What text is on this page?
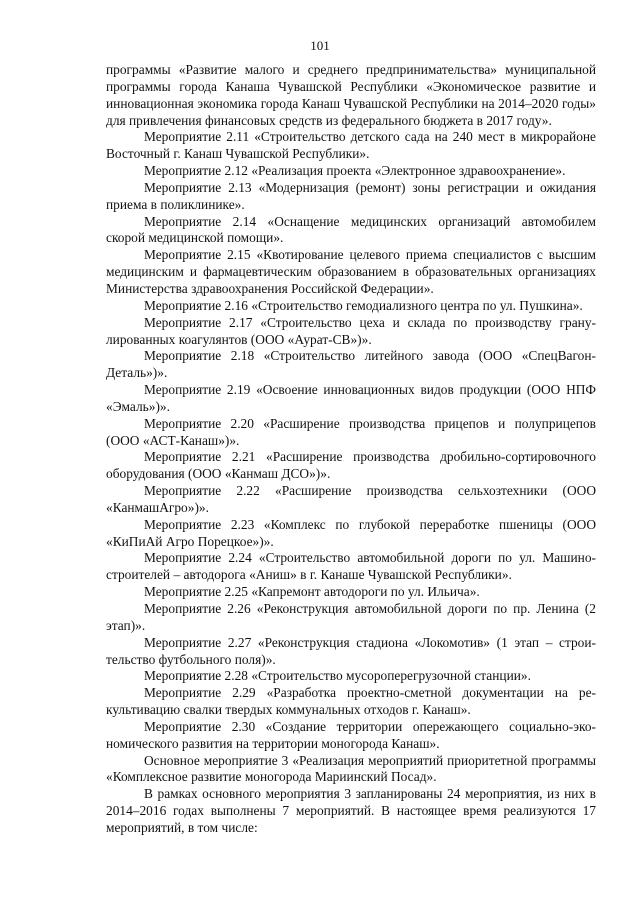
101

программы «Развитие малого и среднего предпринимательства» муниципальной программы города Канаша Чувашской Республики «Экономическое развитие и инновационная экономика города Канаш Чувашской Республики на 2014–2020 годы» для привлечения финансовых средств из федерального бюджета в 2017 году».

Мероприятие 2.11 «Строительство детского сада на 240 мест в микрорайоне Восточный г. Канаш Чувашской Республики».

Мероприятие 2.12 «Реализация проекта «Электронное здравоохранение».

Мероприятие 2.13 «Модернизация (ремонт) зоны регистрации и ожидания приема в поликлинике».

Мероприятие 2.14 «Оснащение медицинских организаций автомобилем скорой медицинской помощи».

Мероприятие 2.15 «Квотирование целевого приема специалистов с высшим медицинским и фармацевтическим образованием в образовательных организациях Министерства здравоохранения Российской Федерации».

Мероприятие 2.16 «Строительство гемодиализного центра по ул. Пушкина».

Мероприятие 2.17 «Строительство цеха и склада по производству гранулированных коагулянтов (ООО «Аурат-СВ»)».

Мероприятие 2.18 «Строительство литейного завода (ООО «СпецВагонДеталь»)».

Мероприятие 2.19 «Освоение инновационных видов продукции (ООО НПФ «Эмаль»)».

Мероприятие 2.20 «Расширение производства прицепов и полуприцепов (ООО «АСТ-Канаш»)».

Мероприятие 2.21 «Расширение производства дробильно-сортировочного оборудования (ООО «Канмаш ДСО»)».

Мероприятие 2.22 «Расширение производства сельхозтехники (ООО «КанмашАгро»)».

Мероприятие 2.23 «Комплекс по глубокой переработке пшеницы (ООО «КиПиАй Агро Порецкое»)».

Мероприятие 2.24 «Строительство автомобильной дороги по ул. Машиностроителей – автодорога «Аниш» в г. Канаше Чувашской Республики».

Мероприятие 2.25 «Капремонт автодороги по ул. Ильича».

Мероприятие 2.26 «Реконструкция автомобильной дороги по пр. Ленина (2 этап)».

Мероприятие 2.27 «Реконструкция стадиона «Локомотив» (1 этап – строительство футбольного поля)».

Мероприятие 2.28 «Строительство мусороперегрузочной станции».

Мероприятие 2.29 «Разработка проектно-сметной документации на рекультивацию свалки твердых коммунальных отходов г. Канаш».

Мероприятие 2.30 «Создание территории опережающего социально-экономического развития на территории моногорода Канаш».

Основное мероприятие 3 «Реализация мероприятий приоритетной программы «Комплексное развитие моногорода Мариинский Посад».

В рамках основного мероприятия 3 запланированы 24 мероприятия, из них в 2014–2016 годах выполнены 7 мероприятий. В настоящее время реализуются 17 мероприятий, в том числе:
